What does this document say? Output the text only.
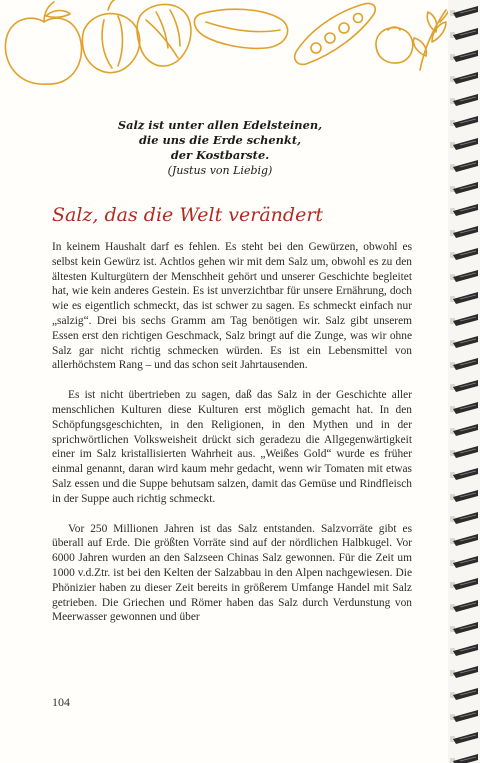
Salz ist unter allen Edelsteinen,
die uns die Erde schenkt,
der Kostbarste.
(Justus von Liebig)
Salz, das die Welt verändert

In keinem Haushalt darf es fehlen. Es steht bei den Gewürzen, obwohl es selbst kein Gewürz ist. Achtlos gehen wir mit dem Salz um, obwohl es zu den ältesten Kulturgütern der Menschheit gehört und unserer Geschichte begleitet hat, wie kein anderes Gestein. Es ist unverzichtbar für unsere Ernährung, doch wie es eigentlich schmeckt, das ist schwer zu sagen. Es schmeckt einfach nur „salzig“. Drei bis sechs Gramm am Tag benötigen wir. Salz gibt unserem Essen erst den richtigen Geschmack, Salz bringt auf die Zunge, was wir ohne Salz gar nicht richtig schmecken würden. Es ist ein Lebensmittel von allerhöchstem Rang – und das schon seit Jahrtausenden.

Es ist nicht übertrieben zu sagen, daß das Salz in der Geschichte aller menschlichen Kulturen diese Kulturen erst möglich gemacht hat. In den Schöpfungsgeschichten, in den Religionen, in den Mythen und in der sprichwörtlichen Volksweisheit drückt sich geradezu die Allgegenwärtigkeit einer im Salz kristallisierten Wahrheit aus. „Weißes Gold“ wurde es früher einmal genannt, daran wird kaum mehr gedacht, wenn wir Tomaten mit etwas Salz essen und die Suppe behutsam salzen, damit das Gemüse und Rindfleisch in der Suppe auch richtig schmeckt.

Vor 250 Millionen Jahren ist das Salz entstanden. Salzvorräte gibt es überall auf Erde. Die größten Vorräte sind auf der nördlichen Halbkugel. Vor 6000 Jahren wurden an den Salzseen Chinas Salz gewonnen. Für die Zeit um 1000 v.d.Ztr. ist bei den Kelten der Salzabbau in den Alpen nachgewiesen. Die Phönizier haben zu dieser Zeit bereits in größerem Umfange Handel mit Salz getrieben. Die Griechen und Römer haben das Salz durch Verdunstung von Meerwasser gewonnen und über

104
